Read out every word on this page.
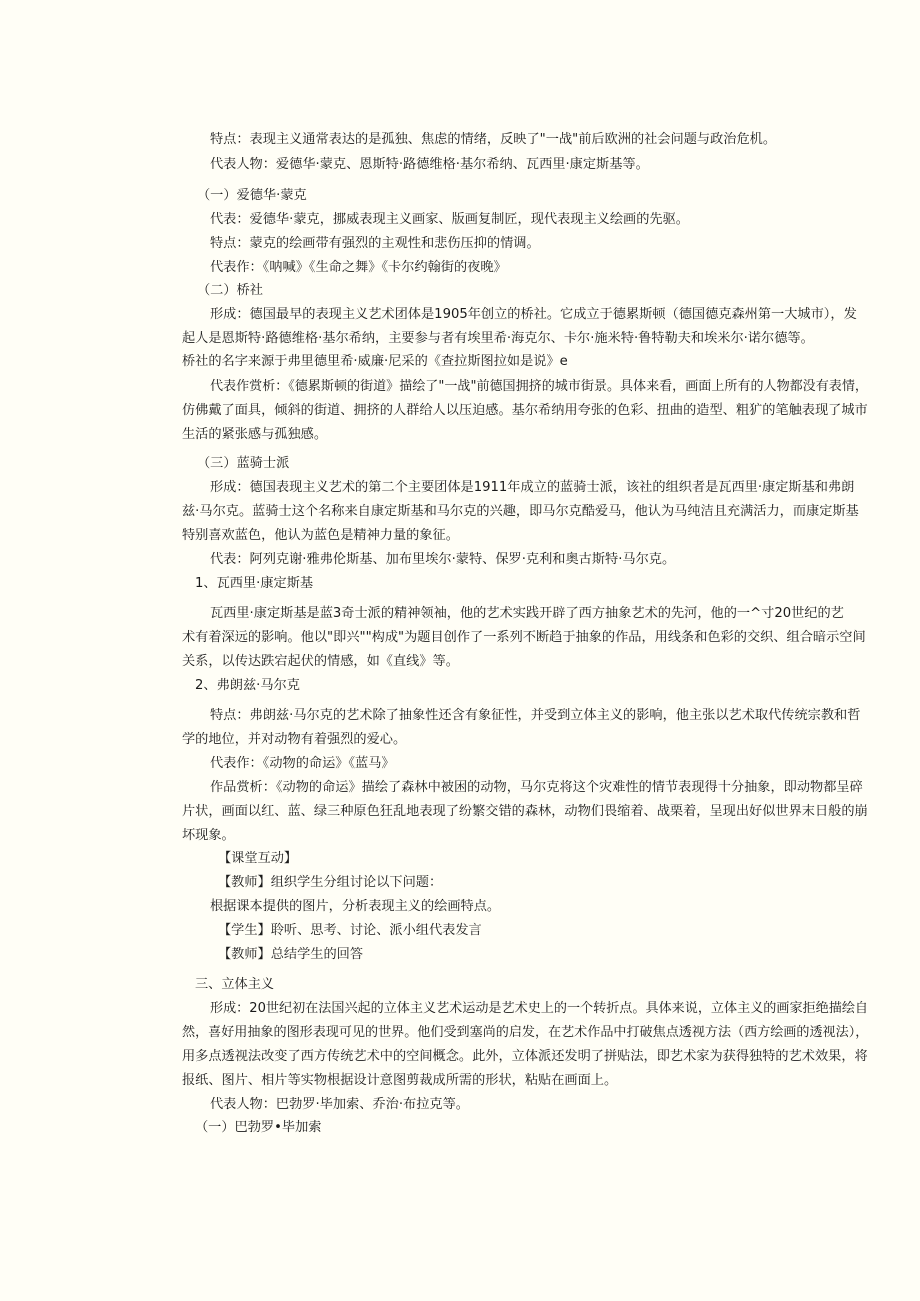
特点：表现主义通常表达的是孤独、焦虑的情绪，反映了"一战"前后欧洲的社会问题与政治危机。
代表人物：爱德华·蒙克、恩斯特·路德维格·基尔希纳、瓦西里·康定斯基等。
（一）爱德华·蒙克
代表：爱德华·蒙克，挪威表现主义画家、版画复制匠，现代表现主义绘画的先驱。
特点：蒙克的绘画带有强烈的主观性和悲伤压抑的情调。
代表作：《呐喊》《生命之舞》《卡尔约翰街的夜晚》
（二）桥社
形成：德国最早的表现主义艺术团体是1905年创立的桥社。它成立于德累斯顿（德国德克森州第一大城市），发
起人是恩斯特·路德维格·基尔希纳，主要参与者有埃里希·海克尔、卡尔·施米特·鲁特勒夫和埃米尔·诺尔德等。
桥社的名字来源于弗里德里希·威廉·尼采的《查拉斯图拉如是说》e
代表作赏析：《德累斯顿的街道》描绘了"一战"前德国拥挤的城市街景。具体来看，画面上所有的人物都没有表情，
仿佛戴了面具，倾斜的街道、拥挤的人群给人以压迫感。基尔希纳用夸张的色彩、扭曲的造型、粗犷的笔触表现了城市
生活的紧张感与孤独感。
（三）蓝骑士派
形成：德国表现主义艺术的第二个主要团体是1911年成立的蓝骑士派，该社的组织者是瓦西里·康定斯基和弗朗
兹·马尔克。蓝骑士这个名称来自康定斯基和马尔克的兴趣，即马尔克酷爱马，他认为马纯洁且充满活力，而康定斯基
特别喜欢蓝色，他认为蓝色是精神力量的象征。
代表：阿列克谢·雅弗伦斯基、加布里埃尔·蒙特、保罗·克利和奥古斯特·马尔克。
1、瓦西里·康定斯基
瓦西里·康定斯基是蓝3奇士派的精神领袖，他的艺术实践开辟了西方抽象艺术的先河，他的一^寸20世纪的艺
术有着深远的影响。他以"即兴""构成"为题目创作了一系列不断趋于抽象的作品，用线条和色彩的交织、组合暗示空间
关系，以传达跌宕起伏的情感，如《直线》等。
2、弗朗兹·马尔克
特点：弗朗兹·马尔克的艺术除了抽象性还含有象征性，并受到立体主义的影响，他主张以艺术取代传统宗教和哲
学的地位，并对动物有着强烈的爱心。
代表作：《动物的命运》《蓝马》
作品赏析：《动物的命运》描绘了森林中被困的动物，马尔克将这个灾难性的情节表现得十分抽象，即动物都呈碎
片状，画面以红、蓝、绿三种原色狂乱地表现了纷繁交错的森林，动物们畏缩着、战栗着，呈现出好似世界末日般的崩
坏现象。
【课堂互动】
【教师】组织学生分组讨论以下问题：
根据课本提供的图片，分析表现主义的绘画特点。
【学生】聆听、思考、讨论、派小组代表发言
【教师】总结学生的回答
三、立体主义
形成：20世纪初在法国兴起的立体主义艺术运动是艺术史上的一个转折点。具体来说，立体主义的画家拒绝描绘自
然，喜好用抽象的图形表现可见的世界。他们受到塞尚的启发，在艺术作品中打破焦点透视方法（西方绘画的透视法），
用多点透视法改变了西方传统艺术中的空间概念。此外，立体派还发明了拼贴法，即艺术家为获得独特的艺术效果，将
报纸、图片、相片等实物根据设计意图剪裁成所需的形状，粘贴在画面上。
代表人物：巴勃罗·毕加索、乔治·布拉克等。
（一）巴勃罗•毕加索
